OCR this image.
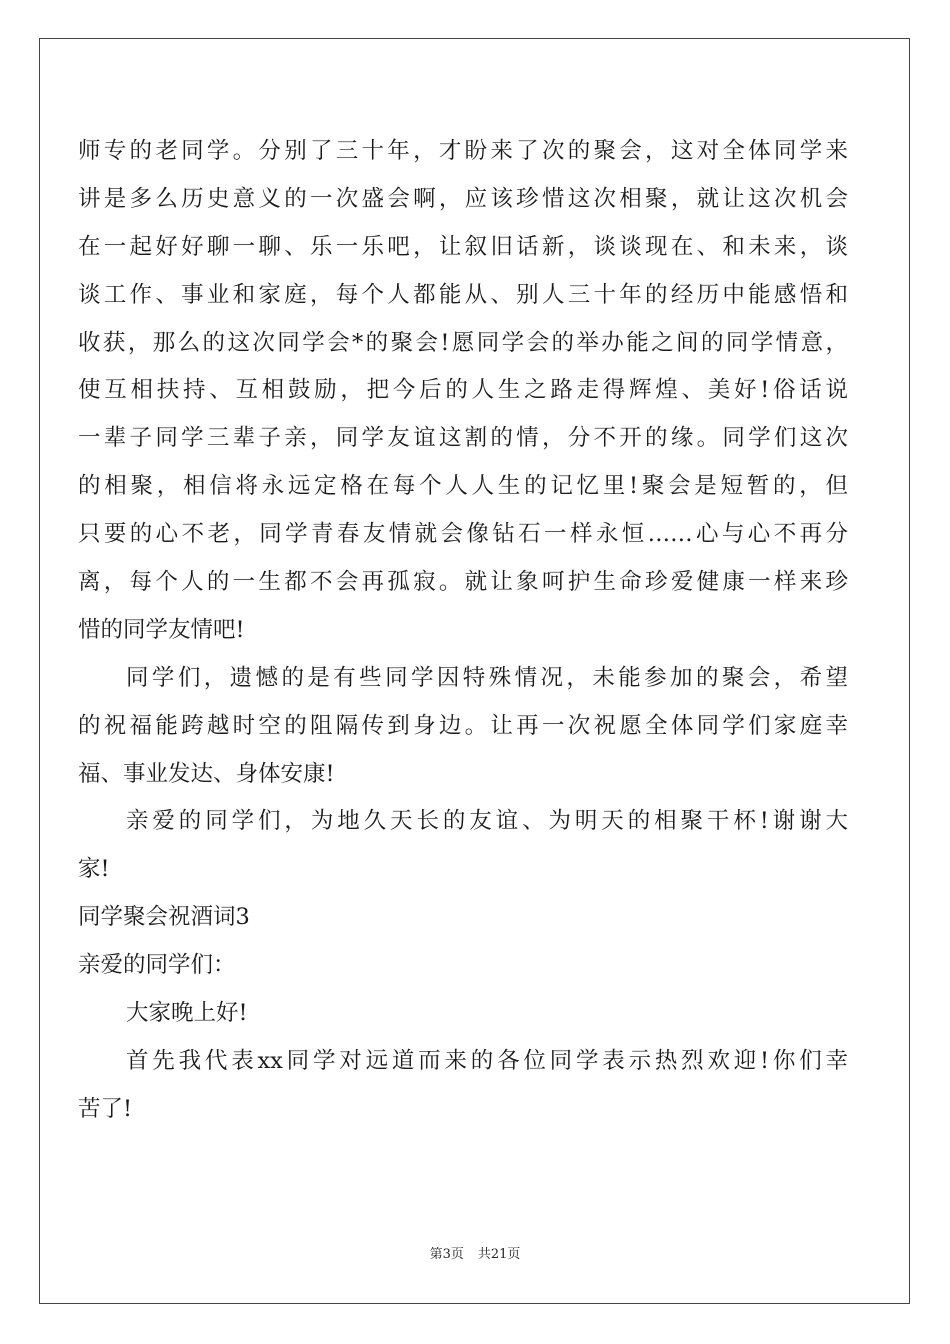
师专的老同学。分别了三十年，才盼来了次的聚会，这对全体同学来
讲是多么历史意义的一次盛会啊，应该珍惜这次相聚，就让这次机会
在一起好好聊一聊、乐一乐吧，让叙旧话新，谈谈现在、和未来，谈
谈工作、事业和家庭，每个人都能从、别人三十年的经历中能感悟和
收获，那么的这次同学会*的聚会!愿同学会的举办能之间的同学情意，
使互相扶持、互相鼓励，把今后的人生之路走得辉煌、美好!俗话说
一辈子同学三辈子亲，同学友谊这割的情，分不开的缘。同学们这次
的相聚，相信将永远定格在每个人人生的记忆里!聚会是短暂的，但
只要的心不老，同学青春友情就会像钻石一样永恒……心与心不再分
离，每个人的一生都不会再孤寂。就让象呵护生命珍爱健康一样来珍
惜的同学友情吧!
同学们，遗憾的是有些同学因特殊情况，未能参加的聚会，希望
的祝福能跨越时空的阻隔传到身边。让再一次祝愿全体同学们家庭幸
福、事业发达、身体安康!
亲爱的同学们，为地久天长的友谊、为明天的相聚干杯!谢谢大
家!
同学聚会祝酒词3
亲爱的同学们：
大家晚上好!
首先我代表xx同学对远道而来的各位同学表示热烈欢迎!你们幸
苦了!
第3页 共21页
